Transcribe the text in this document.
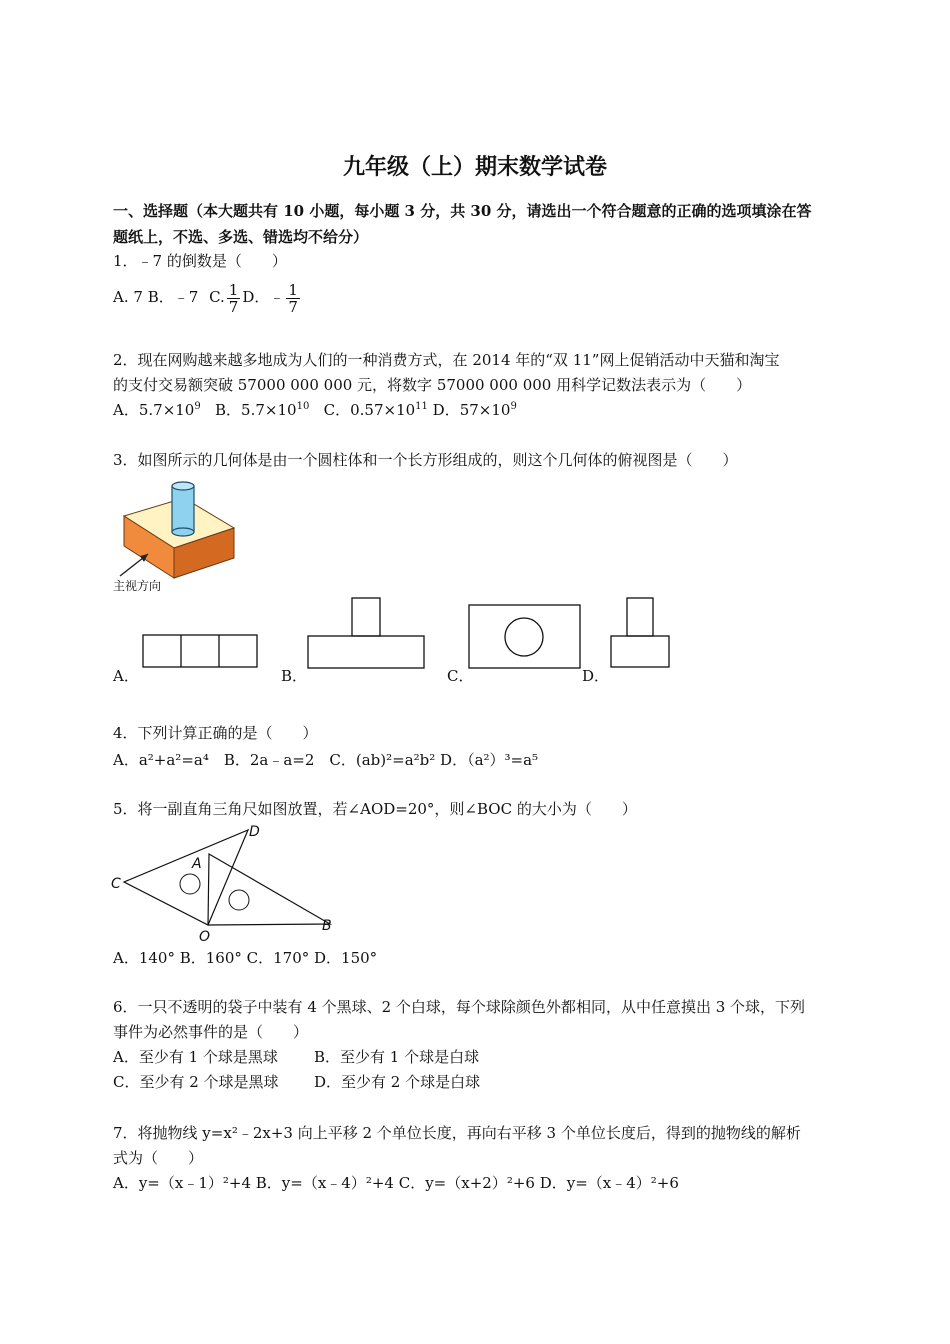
九年级（上）期末数学试卷
一、选择题（本大题共有 10 小题，每小题 3 分，共 30 分，请选出一个符合题意的正确的选项填涂在答
题纸上，不选、多选、错选均不给分）
1．﹣7 的倒数是（　　）
A. 7 B．﹣7 C. $\frac{1}{7}$ D．﹣ $\frac{1}{7}$
2．现在网购越来越多地成为人们的一种消费方式，在 2014 年的“双 11”网上促销活动中天猫和淘宝
的支付交易额突破 57000 000 000 元，将数字 57000 000 000 用科学记数法表示为（　　）
A．$5.7\times 10^9$ B．$5.7\times 10^{10}$ C．$0.57\times 10^{11}$ D．$57\times 10^9$
3．如图所示的几何体是由一个圆柱体和一个长方形组成的，则这个几何体的俯视图是（　　）
主视方向
A．	B．	C．	D．
4．下列计算正确的是（　　）
A．a²+a²=a⁴　B．2a﹣a=2　C．(ab)²=a²b² D．（a²）³=a⁵
5．将一副直角三角尺如图放置，若∠AOD=20°，则∠BOC 的大小为（　　）
C
A
D
O
B
A．140° B．160° C．170° D．150°
6．一只不透明的袋子中装有 4 个黑球、2 个白球，每个球除颜色外都相同，从中任意摸出 3 个球，下列
事件为必然事件的是（　　）
A．至少有 1 个球是黑球 B．至少有 1 个球是白球
C．至少有 2 个球是黑球 D．至少有 2 个球是白球
7．将抛物线 y=x²﹣2x+3 向上平移 2 个单位长度，再向右平移 3 个单位长度后，得到的抛物线的解析
式为（　　）
A．y=（x﹣1）²+4 B．y=（x﹣4）²+4 C．y=（x+2）²+6 D．y=（x﹣4）²+6
